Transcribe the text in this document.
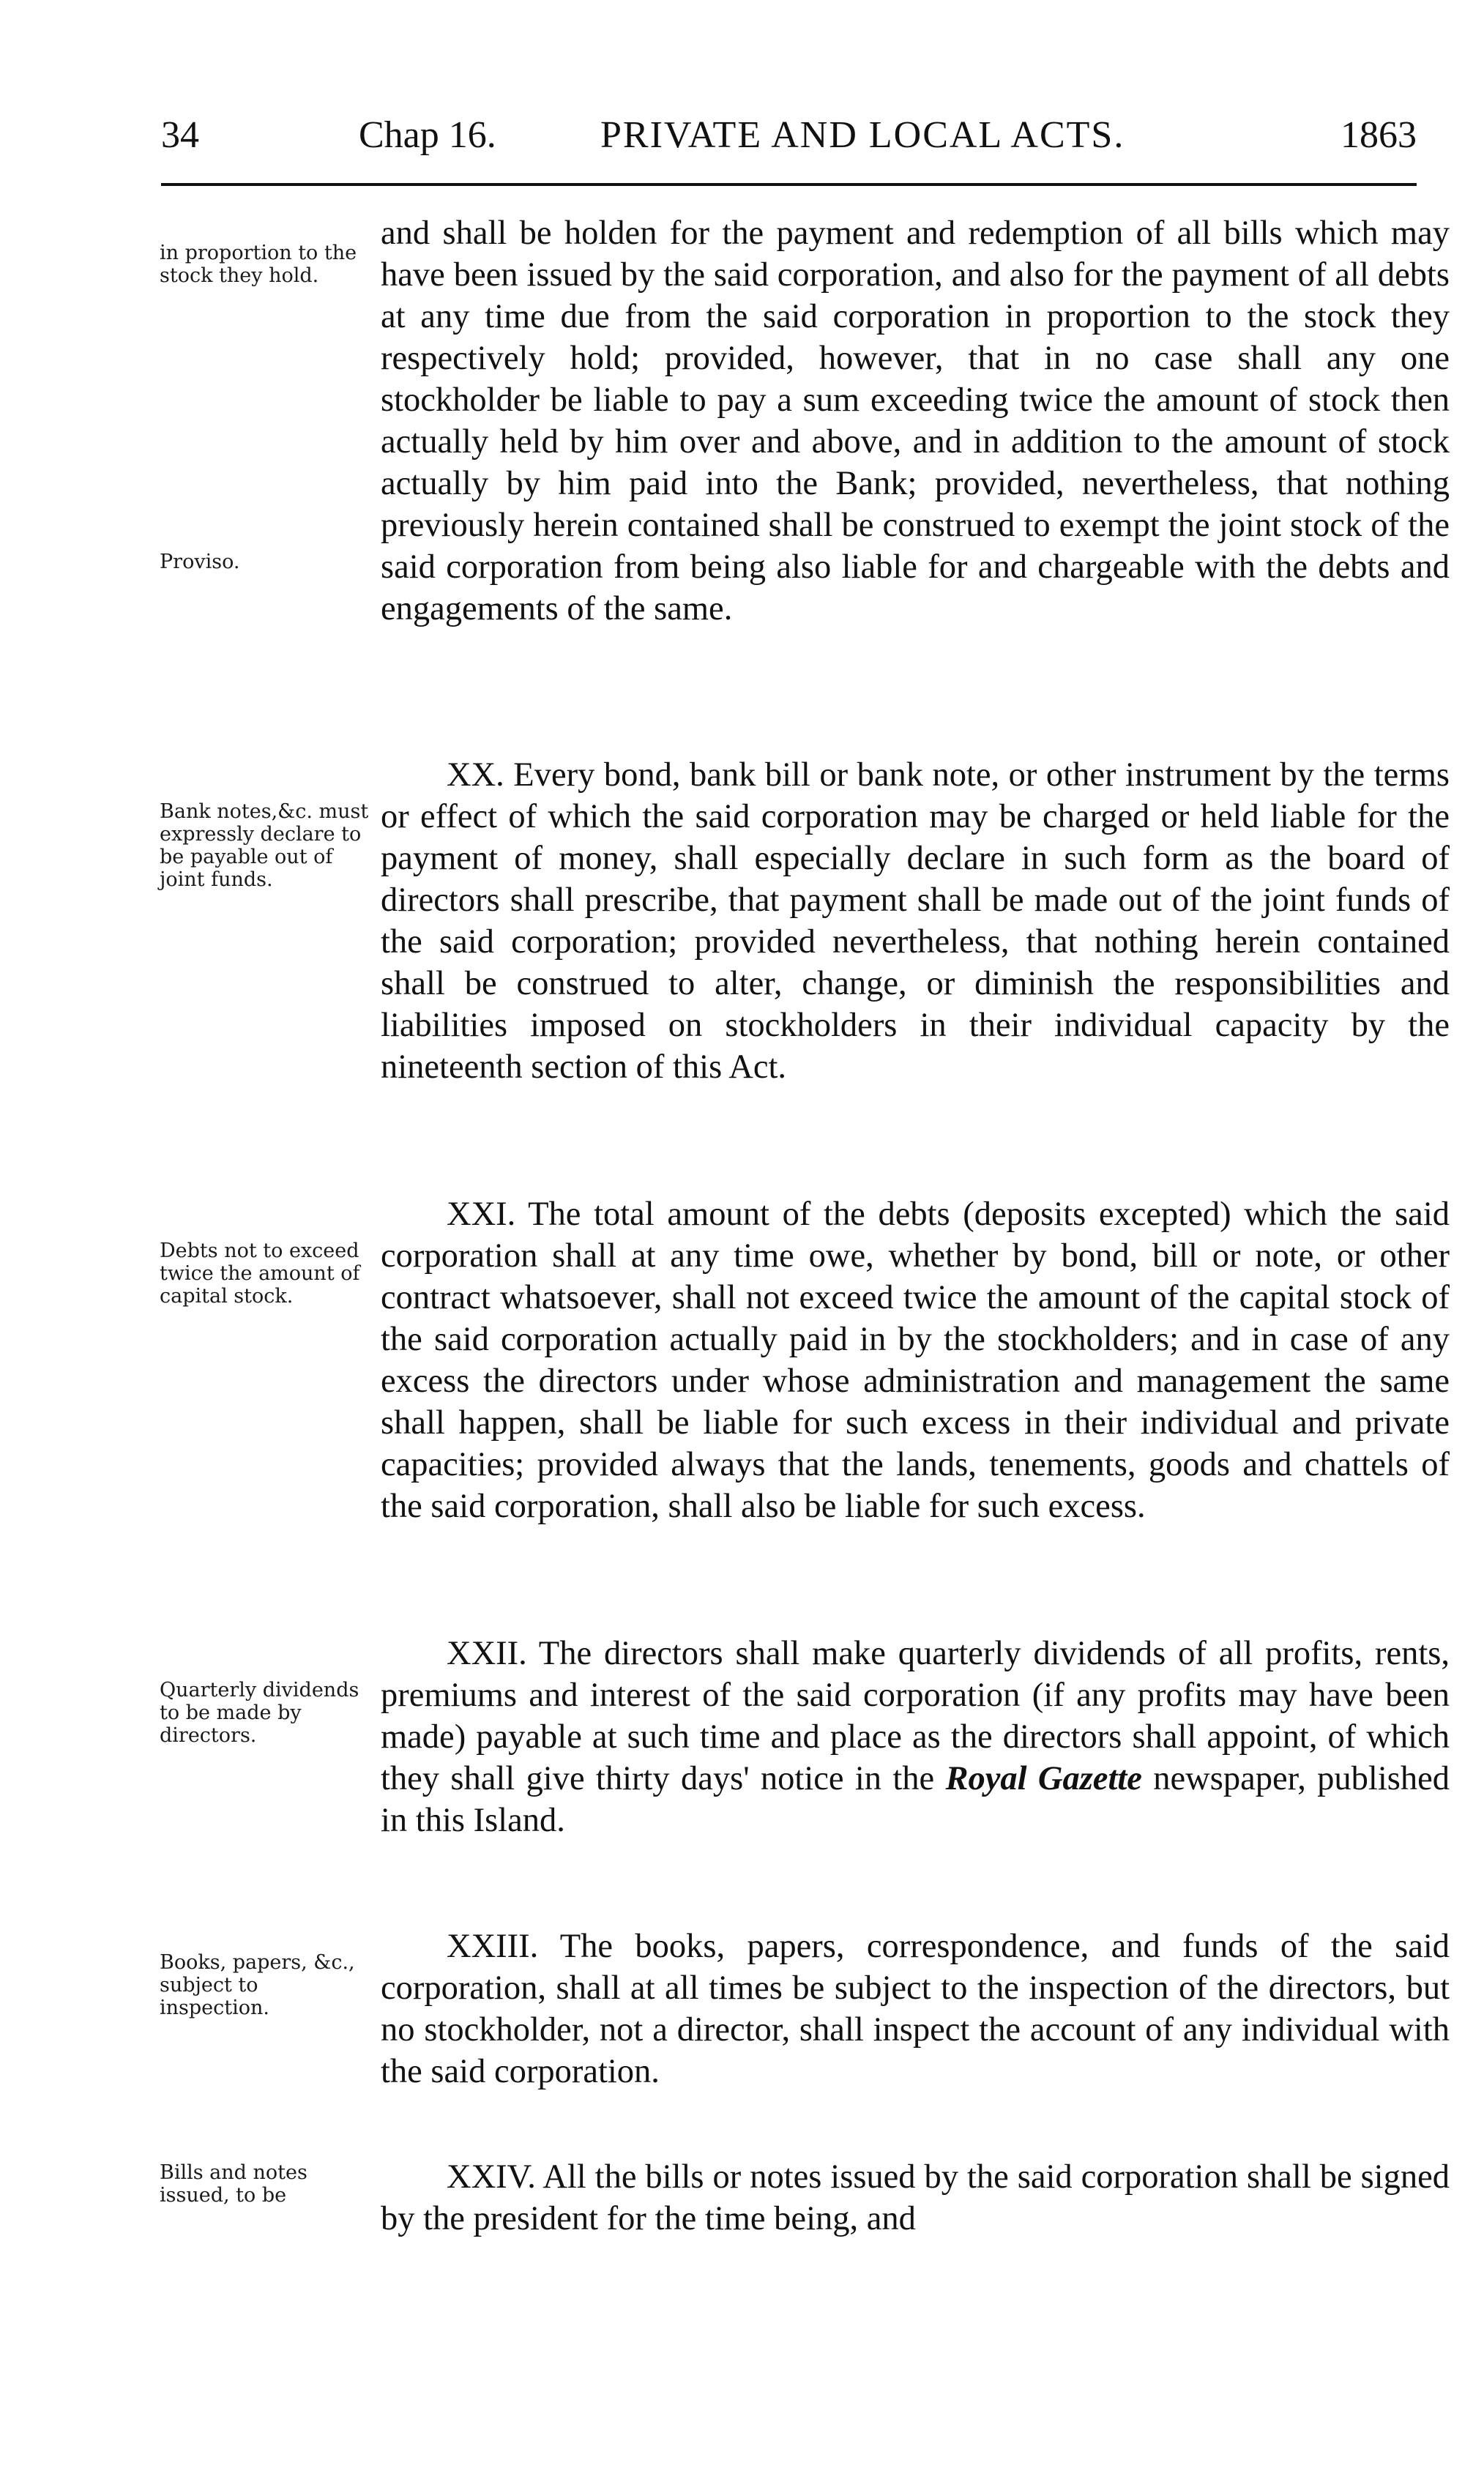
34	Chap 16.	PRIVATE AND LOCAL ACTS.	1863
in proportion to the stock they hold.
Proviso.
Bank notes,&c. must expressly declare to be payable out of joint funds.
Debts not to exceed twice the amount of capital stock.
Quarterly dividends to be made by directors.
Books, papers, &c., subject to inspection.
Bills and notes issued, to be

and shall be holden for the payment and redemption of all bills which may have been issued by the said corporation, and also for the payment of all debts at any time due from the said corporation in proportion to the stock they respectively hold; provided, however, that in no case shall any one stockholder be liable to pay a sum exceeding twice the amount of stock then actually held by him over and above, and in addition to the amount of stock actually by him paid into the Bank; provided, nevertheless, that nothing previously herein contained shall be construed to exempt the joint stock of the said corporation from being also liable for and chargeable with the debts and engagements of the same.

XX. Every bond, bank bill or bank note, or other instrument by the terms or effect of which the said corporation may be charged or held liable for the payment of money, shall especially declare in such form as the board of directors shall prescribe, that payment shall be made out of the joint funds of the said corporation; provided nevertheless, that nothing herein contained shall be construed to alter, change, or diminish the responsibilities and liabilities imposed on stockholders in their individual capacity by the nineteenth section of this Act.

XXI. The total amount of the debts (deposits excepted) which the said corporation shall at any time owe, whether by bond, bill or note, or other contract whatsoever, shall not exceed twice the amount of the capital stock of the said corporation actually paid in by the stockholders; and in case of any excess the directors under whose administration and management the same shall happen, shall be liable for such excess in their individual and private capacities; provided always that the lands, tenements, goods and chattels of the said corporation, shall also be liable for such excess.

XXII. The directors shall make quarterly dividends of all profits, rents, premiums and interest of the said corporation (if any profits may have been made) payable at such time and place as the directors shall appoint, of which they shall give thirty days' notice in the Royal Gazette newspaper, published in this Island.

XXIII. The books, papers, correspondence, and funds of the said corporation, shall at all times be subject to the inspection of the directors, but no stockholder, not a director, shall inspect the account of any individual with the said corporation.

XXIV. All the bills or notes issued by the said corporation shall be signed by the president for the time being, and
